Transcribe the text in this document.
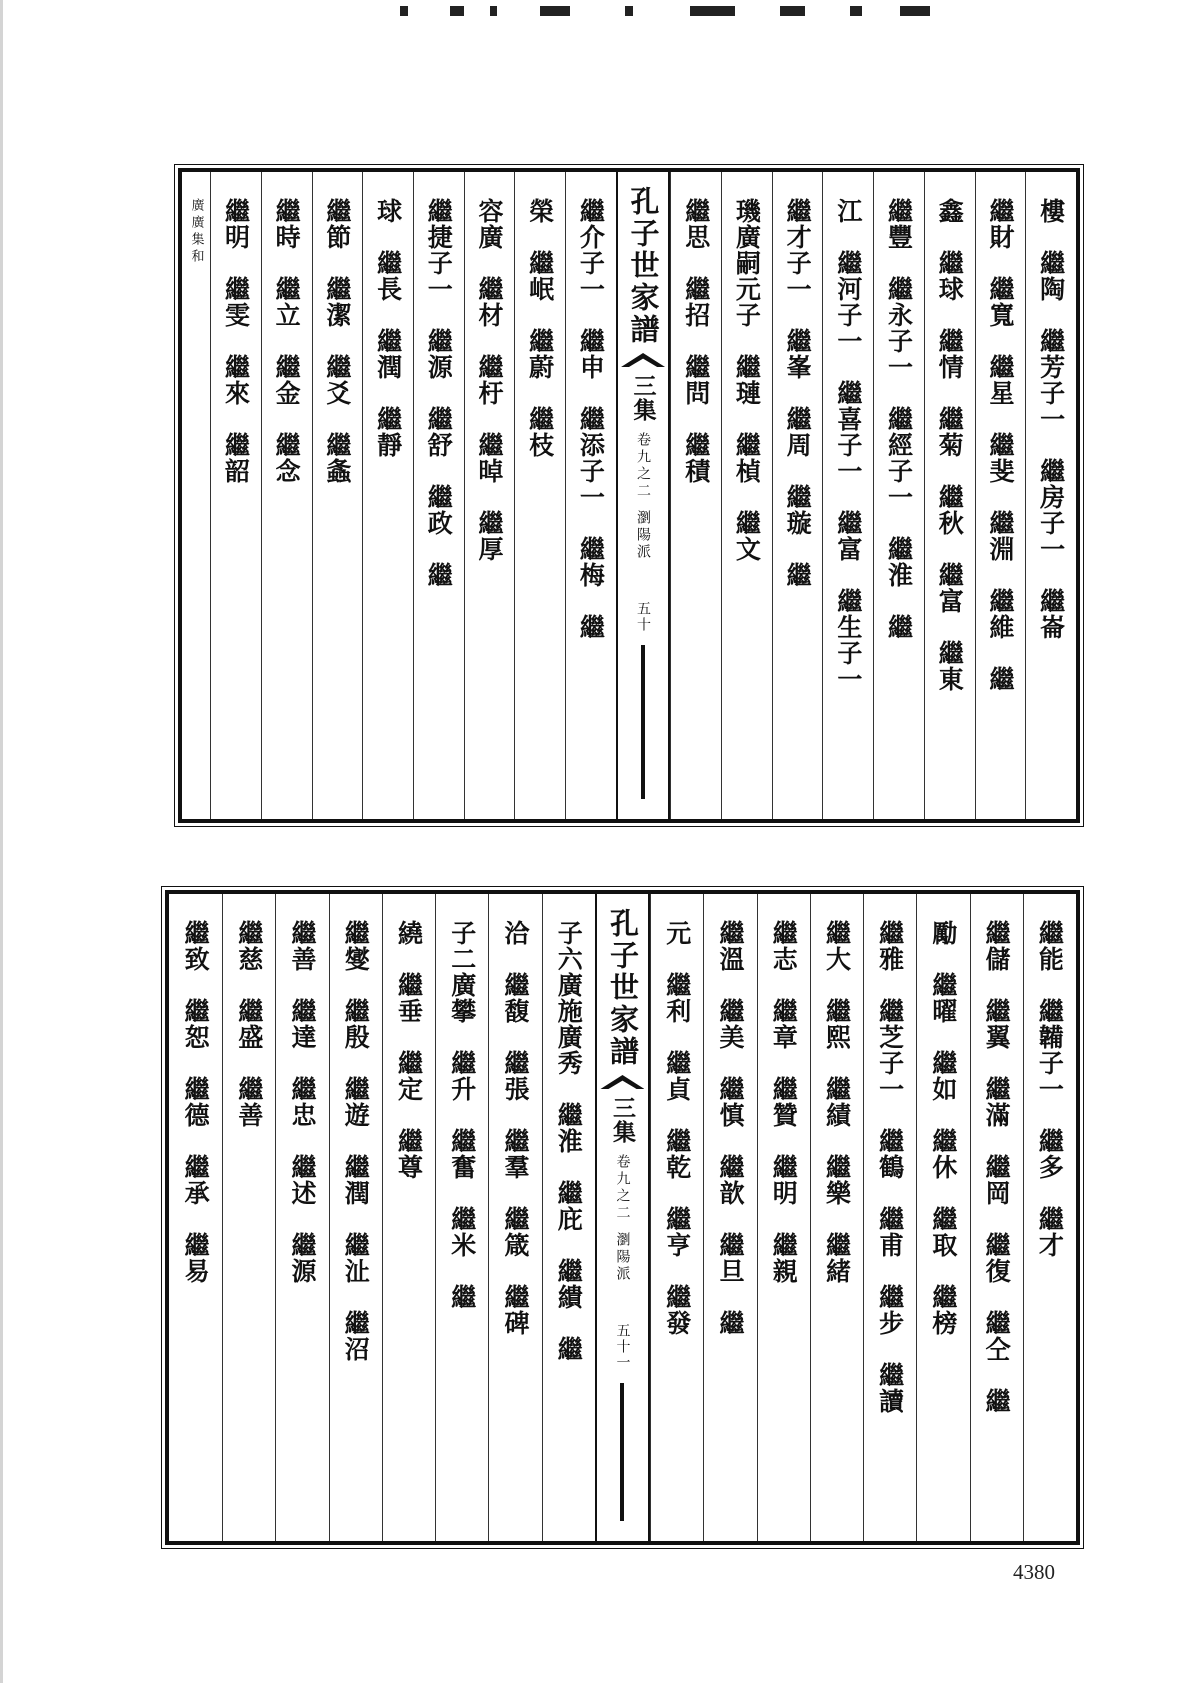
樓　繼陶　繼芳子一　繼房子一　繼崙
繼財　繼寬　繼星　繼斐　繼淵　繼維　繼
鑫　繼球　繼情　繼菊　繼秋　繼富　繼東
繼豐　繼永子一　繼經子一　繼淮　繼
江　繼河子一　繼喜子一　繼富　繼生子一
繼才子一　繼峯　繼周　繼璇　繼
璣廣嗣元子　繼璉　繼楨　繼文
繼思　繼招　繼問　繼積
孔子世家譜
三集
卷九之二
瀏陽派
五十
繼介子一　繼申　繼添子一　繼梅　繼
榮　繼岷　繼蔚　繼枝
容廣　繼材　繼杅　繼晫　繼厚
繼捷子一　繼源　繼舒　繼政　繼
球　繼長　繼潤　繼靜
繼節　繼潔　繼爻　繼螽
繼時　繼立　繼金　繼念
繼明　繼雯　繼來　繼韶
廣廣集和
繼能　繼韛子一　繼多　繼才
繼儲　繼翼　繼滿　繼岡　繼復　繼仝　繼
勵　繼曜　繼如　繼休　繼取　繼榜
繼雅　繼芝子一　繼鶴　繼甫　繼步　繼讀
繼大　繼熙　繼績　繼樂　繼緒
繼志　繼章　繼贊　繼明　繼親
繼溫　繼美　繼慎　繼歆　繼旦　繼
元　繼利　繼貞　繼乾　繼亨　繼發
孔子世家譜
三集
卷九之二
瀏陽派
五十一
子六廣施廣秀　繼淮　繼庇　繼繢　繼
洽　繼馥　繼張　繼羣　繼箴　繼碑
子二廣攀　繼升　繼奮　繼米　繼
繞　繼垂　繼定　繼尊
繼燮　繼殷　繼遊　繼潤　繼沚　繼沼
繼善　繼達　繼忠　繼述　繼源
繼慈　繼盛　繼善
繼致　繼恕　繼德　繼承　繼易
4380
